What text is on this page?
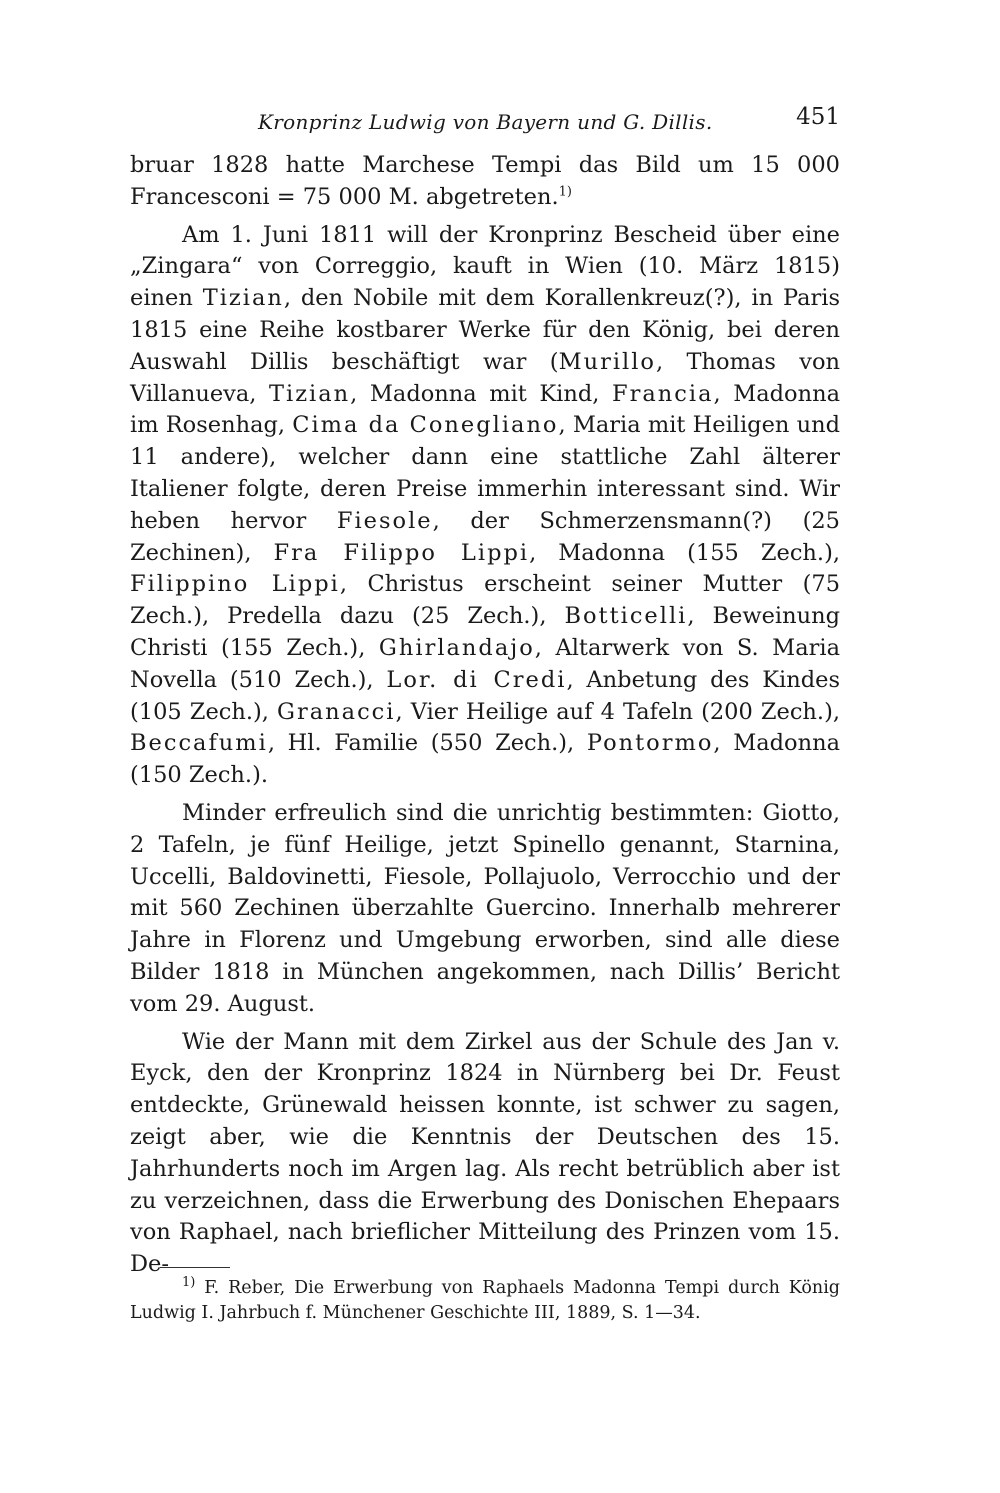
Kronprinz Ludwig von Bayern und G. Dillis.	451

bruar 1828 hatte Marchese Tempi das Bild um 15 000 Francesconi = 75 000 M. abgetreten.$^{1)}$

Am 1. Juni 1811 will der Kronprinz Bescheid über eine „Zingara“ von Correggio, kauft in Wien (10. März 1815) einen Tizian, den Nobile mit dem Korallenkreuz(?), in Paris 1815 eine Reihe kostbarer Werke für den König, bei deren Auswahl Dillis beschäftigt war (Murillo, Thomas von Villanueva, Tizian, Madonna mit Kind, Francia, Madonna im Rosenhag, Cima da Conegliano, Maria mit Heiligen und 11 andere), welcher dann eine stattliche Zahl älterer Italiener folgte, deren Preise immerhin interessant sind. Wir heben hervor Fiesole, der Schmerzensmann(?) (25 Zechinen), Fra Filippo Lippi, Madonna (155 Zech.), Filippino Lippi, Christus erscheint seiner Mutter (75 Zech.), Predella dazu (25 Zech.), Botticelli, Beweinung Christi (155 Zech.), Ghirlandajo, Altarwerk von S. Maria Novella (510 Zech.), Lor. di Credi, Anbetung des Kindes (105 Zech.), Granacci, Vier Heilige auf 4 Tafeln (200 Zech.), Beccafumi, Hl. Familie (550 Zech.), Pontormo, Madonna (150 Zech.).

Minder erfreulich sind die unrichtig bestimmten: Giotto, 2 Tafeln, je fünf Heilige, jetzt Spinello genannt, Starnina, Uccelli, Baldovinetti, Fiesole, Pollajuolo, Verrocchio und der mit 560 Zechinen überzahlte Guercino. Innerhalb mehrerer Jahre in Florenz und Umgebung erworben, sind alle diese Bilder 1818 in München angekommen, nach Dillis’ Bericht vom 29. August.

Wie der Mann mit dem Zirkel aus der Schule des Jan v. Eyck, den der Kronprinz 1824 in Nürnberg bei Dr. Feust entdeckte, Grünewald heissen konnte, ist schwer zu sagen, zeigt aber, wie die Kenntnis der Deutschen des 15. Jahrhunderts noch im Argen lag. Als recht betrüblich aber ist zu verzeichnen, dass die Erwerbung des Donischen Ehepaars von Raphael, nach brieflicher Mitteilung des Prinzen vom 15. De-

$^{1)}$ F. Reber, Die Erwerbung von Raphaels Madonna Tempi durch König Ludwig I. Jahrbuch f. Münchener Geschichte III, 1889, S. 1—34.
